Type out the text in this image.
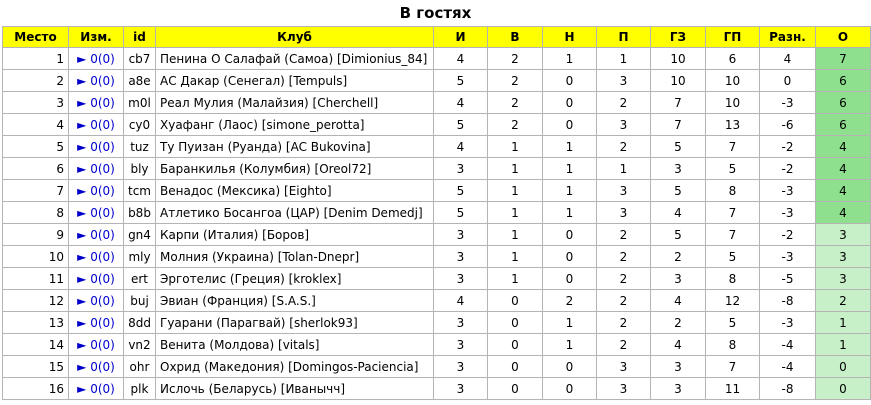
В гостях
Место	Изм.	id	Клуб	И	В	Н	П	ГЗ	ГП	Разн.	О
1	► 0(0)	cb7	Пенина О Салафай (Самоа) [Dimionius_84]	4	2	1	1	10	6	4	7
2	► 0(0)	a8e	АС Дакар (Сенегал) [Tempuls]	5	2	0	3	10	10	0	6
3	► 0(0)	m0l	Реал Мулия (Малайзия) [Cherchell]	4	2	0	2	7	10	-3	6
4	► 0(0)	cy0	Хуафанг (Лаос) [simone_perotta]	5	2	0	3	7	13	-6	6
5	► 0(0)	tuz	Ту Пуизан (Руанда) [AC Bukovina]	4	1	1	2	5	7	-2	4
6	► 0(0)	bly	Баранкилья (Колумбия) [Oreol72]	3	1	1	1	3	5	-2	4
7	► 0(0)	tcm	Венадос (Мексика) [Eighto]	5	1	1	3	5	8	-3	4
8	► 0(0)	b8b	Атлетико Босангоа (ЦАР) [Denim Demedj]	5	1	1	3	4	7	-3	4
9	► 0(0)	gn4	Карпи (Италия) [Боров]	3	1	0	2	5	7	-2	3
10	► 0(0)	mly	Молния (Украина) [Tolan-Dnepr]	3	1	0	2	2	5	-3	3
11	► 0(0)	ert	Эрготелис (Греция) [kroklex]	3	1	0	2	3	8	-5	3
12	► 0(0)	buj	Эвиан (Франция) [S.A.S.]	4	0	2	2	4	12	-8	2
13	► 0(0)	8dd	Гуарани (Парагвай) [sherlok93]	3	0	1	2	2	5	-3	1
14	► 0(0)	vn2	Венита (Молдова) [vitals]	3	0	1	2	4	8	-4	1
15	► 0(0)	ohr	Охрид (Македония) [Domingos-Paciencia]	3	0	0	3	3	7	-4	0
16	► 0(0)	plk	Ислочь (Беларусь) [Иванычч]	3	0	0	3	3	11	-8	0
